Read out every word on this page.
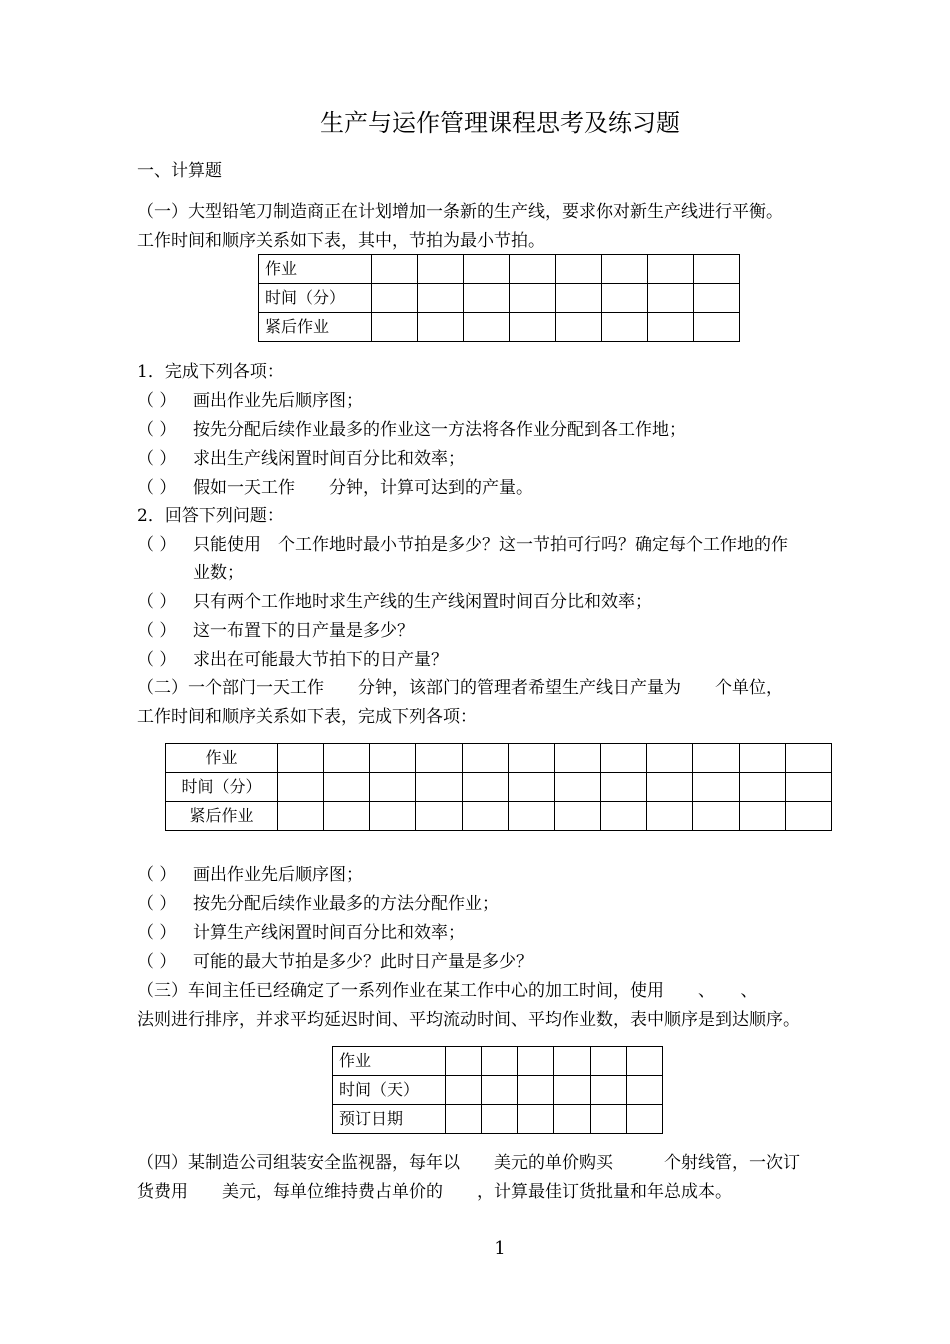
生产与运作管理课程思考及练习题
一、计算题
（一）大型铅笔刀制造商正在计划增加一条新的生产线，要求你对新生产线进行平衡。
工作时间和顺序关系如下表，其中，节拍为最小节拍。
作业								
时间（分）								
紧后作业								
1．完成下列各项：
（ ） 画出作业先后顺序图；
（ ） 按先分配后续作业最多的作业这一方法将各作业分配到各工作地；
（ ） 求出生产线闲置时间百分比和效率；
（ ） 假如一天工作　　分钟，计算可达到的产量。
2．回答下列问题：
（ ） 只能使用　个工作地时最小节拍是多少？这一节拍可行吗？确定每个工作地的作
业数；
（ ） 只有两个工作地时求生产线的生产线闲置时间百分比和效率；
（ ） 这一布置下的日产量是多少？
（ ） 求出在可能最大节拍下的日产量？
（二）一个部门一天工作　　分钟，该部门的管理者希望生产线日产量为　　个单位，
工作时间和顺序关系如下表，完成下列各项：
作业												
时间（分）												
紧后作业												
（ ） 画出作业先后顺序图；
（ ） 按先分配后续作业最多的方法分配作业；
（ ） 计算生产线闲置时间百分比和效率；
（ ） 可能的最大节拍是多少？此时日产量是多少？
（三）车间主任已经确定了一系列作业在某工作中心的加工时间，使用　　、　　、
法则进行排序，并求平均延迟时间、平均流动时间、平均作业数，表中顺序是到达顺序。
作业						
时间（天）						
预订日期						
（四）某制造公司组装安全监视器，每年以　　美元的单价购买　　　个射线管，一次订
货费用　　美元，每单位维持费占单价的　　，计算最佳订货批量和年总成本。
1
